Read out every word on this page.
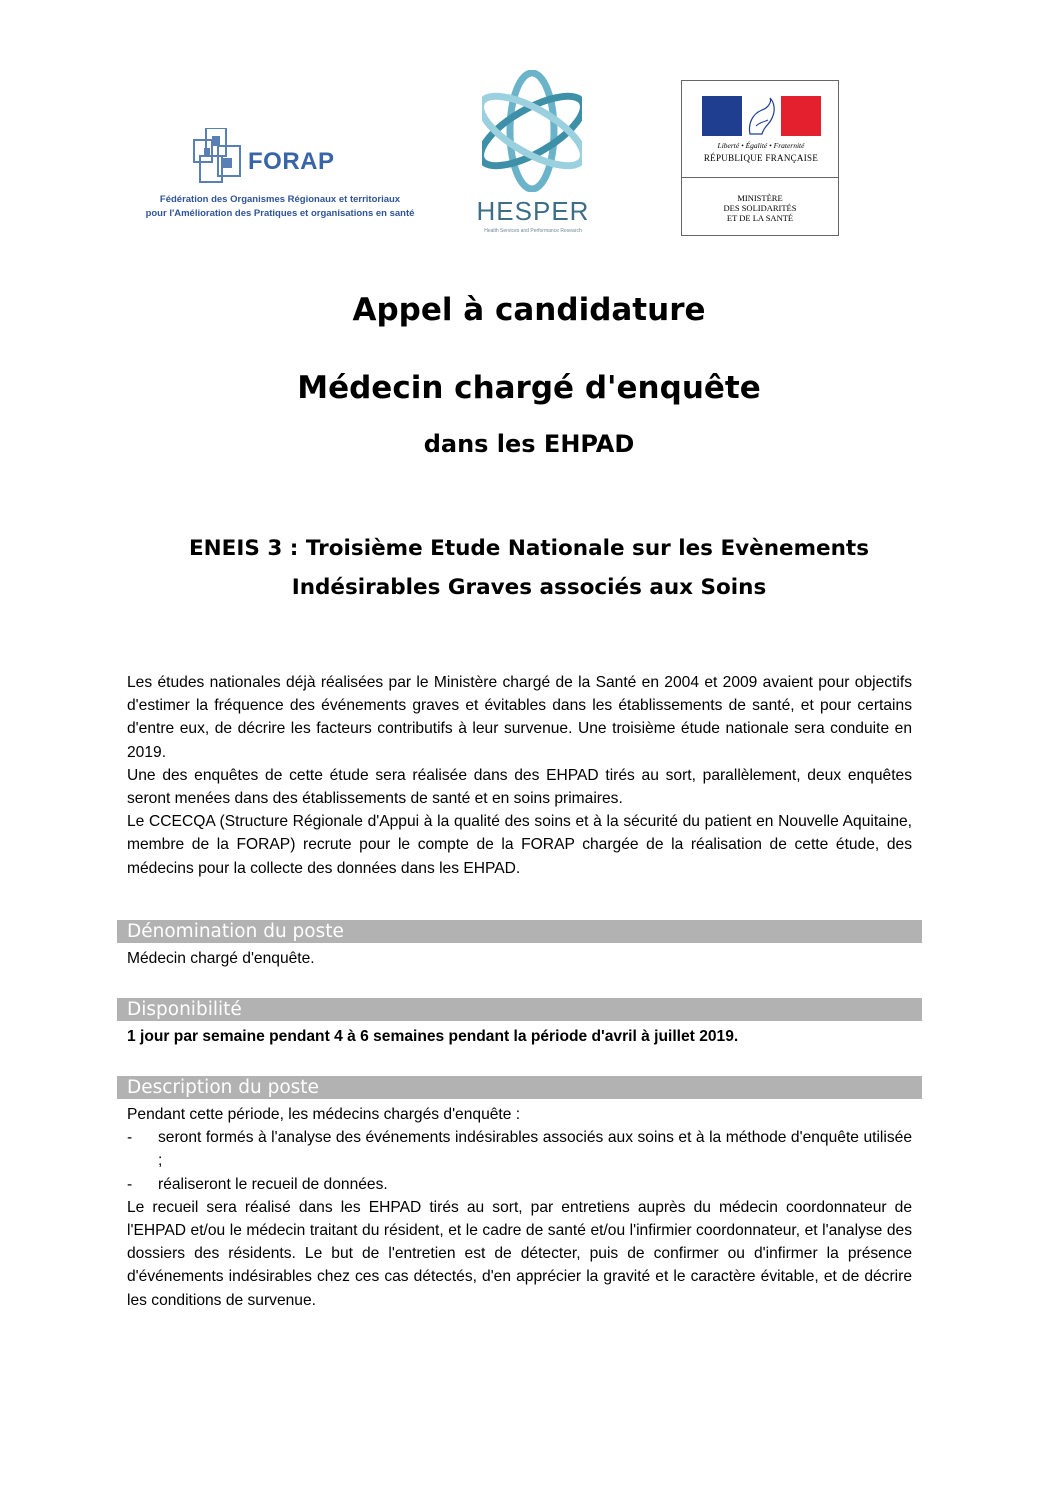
FORAP
Fédération des Organismes Régionaux et territoriaux
pour l'Amélioration des Pratiques et organisations en santé	HESPER
Health Services and Performance Research
Liberté • Égalité • Fraternité
RÉPUBLIQUE FRANÇAISE
MINISTÈRE
DES SOLIDARITÉS
ET DE LA SANTÉ
Appel à candidature
Médecin chargé d'enquête
dans les EHPAD
ENEIS 3 : Troisième Etude Nationale sur les Evènements
Indésirables Graves associés aux Soins

Les études nationales déjà réalisées par le Ministère chargé de la Santé en 2004 et 2009 avaient pour objectifs d'estimer la fréquence des événements graves et évitables dans les établissements de santé, et pour certains d'entre eux, de décrire les facteurs contributifs à leur survenue. Une troisième étude nationale sera conduite en 2019.

Une des enquêtes de cette étude sera réalisée dans des EHPAD tirés au sort, parallèlement, deux enquêtes seront menées dans des établissements de santé et en soins primaires.

Le CCECQA (Structure Régionale d'Appui à la qualité des soins et à la sécurité du patient en Nouvelle Aquitaine, membre de la FORAP) recrute pour le compte de la FORAP chargée de la réalisation de cette étude, des médecins pour la collecte des données dans les EHPAD.

Dénomination du poste
Médecin chargé d'enquête.
Disponibilité
1 jour par semaine pendant 4 à 6 semaines pendant la période d'avril à juillet 2019.
Description du poste

Pendant cette période, les médecins chargés d'enquête :

- seront formés à l'analyse des événements indésirables associés aux soins et à la méthode d'enquête utilisée ;

- réaliseront le recueil de données.

Le recueil sera réalisé dans les EHPAD tirés au sort, par entretiens auprès du médecin coordonnateur de l'EHPAD et/ou le médecin traitant du résident, et le cadre de santé et/ou l'infirmier coordonnateur, et l'analyse des dossiers des résidents. Le but de l'entretien est de détecter, puis de confirmer ou d'infirmer la présence d'événements indésirables chez ces cas détectés, d'en apprécier la gravité et le caractère évitable, et de décrire les conditions de survenue.
